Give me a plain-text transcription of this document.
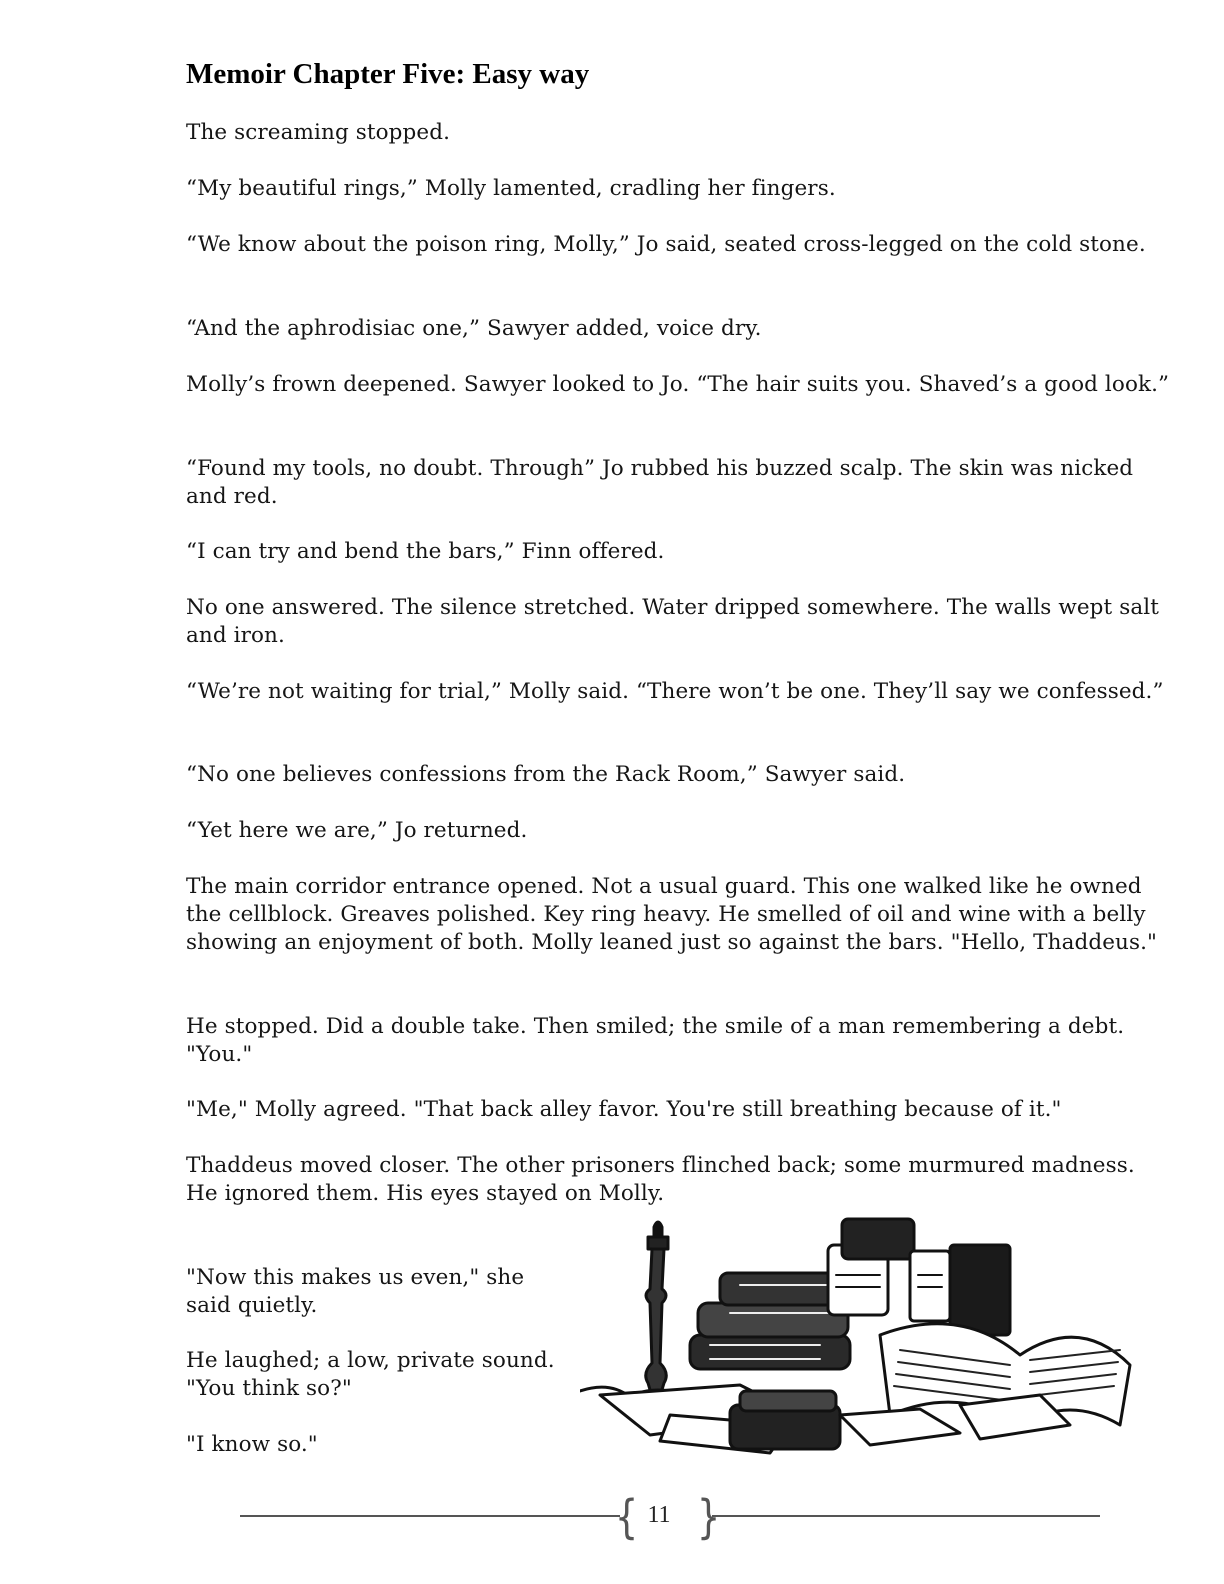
Memoir Chapter Five: Easy way

The screaming stopped.

“My beautiful rings,” Molly lamented, cradling her fingers.

“We know about the poison ring, Molly,” Jo said, seated cross-legged on the cold stone.

“And the aphrodisiac one,” Sawyer added, voice dry.

Molly’s frown deepened. Sawyer looked to Jo. “The hair suits you. Shaved’s a good look.”

“Found my tools, no doubt. Through” Jo rubbed his buzzed scalp. The skin was nicked and red.

“I can try and bend the bars,” Finn offered.

No one answered. The silence stretched. Water dripped somewhere. The walls wept salt and iron.

“We’re not waiting for trial,” Molly said. “There won’t be one. They’ll say we confessed.”

“No one believes confessions from the Rack Room,” Sawyer said.

“Yet here we are,” Jo returned.

The main corridor entrance opened. Not a usual guard. This one walked like he owned the cellblock. Greaves polished. Key ring heavy. He smelled of oil and wine with a belly showing an enjoyment of both. Molly leaned just so against the bars. "Hello, Thaddeus."

He stopped. Did a double take. Then smiled; the smile of a man remembering a debt. "You."

"Me," Molly agreed. "That back alley favor. You're still breathing because of it."

Thaddeus moved closer. The other prisoners flinched back; some murmured madness. He ignored them. His eyes stayed on Molly.

"Now this makes us even," she said quietly.

He laughed; a low, private sound. "You think so?"

"I know so."

{ }
11
